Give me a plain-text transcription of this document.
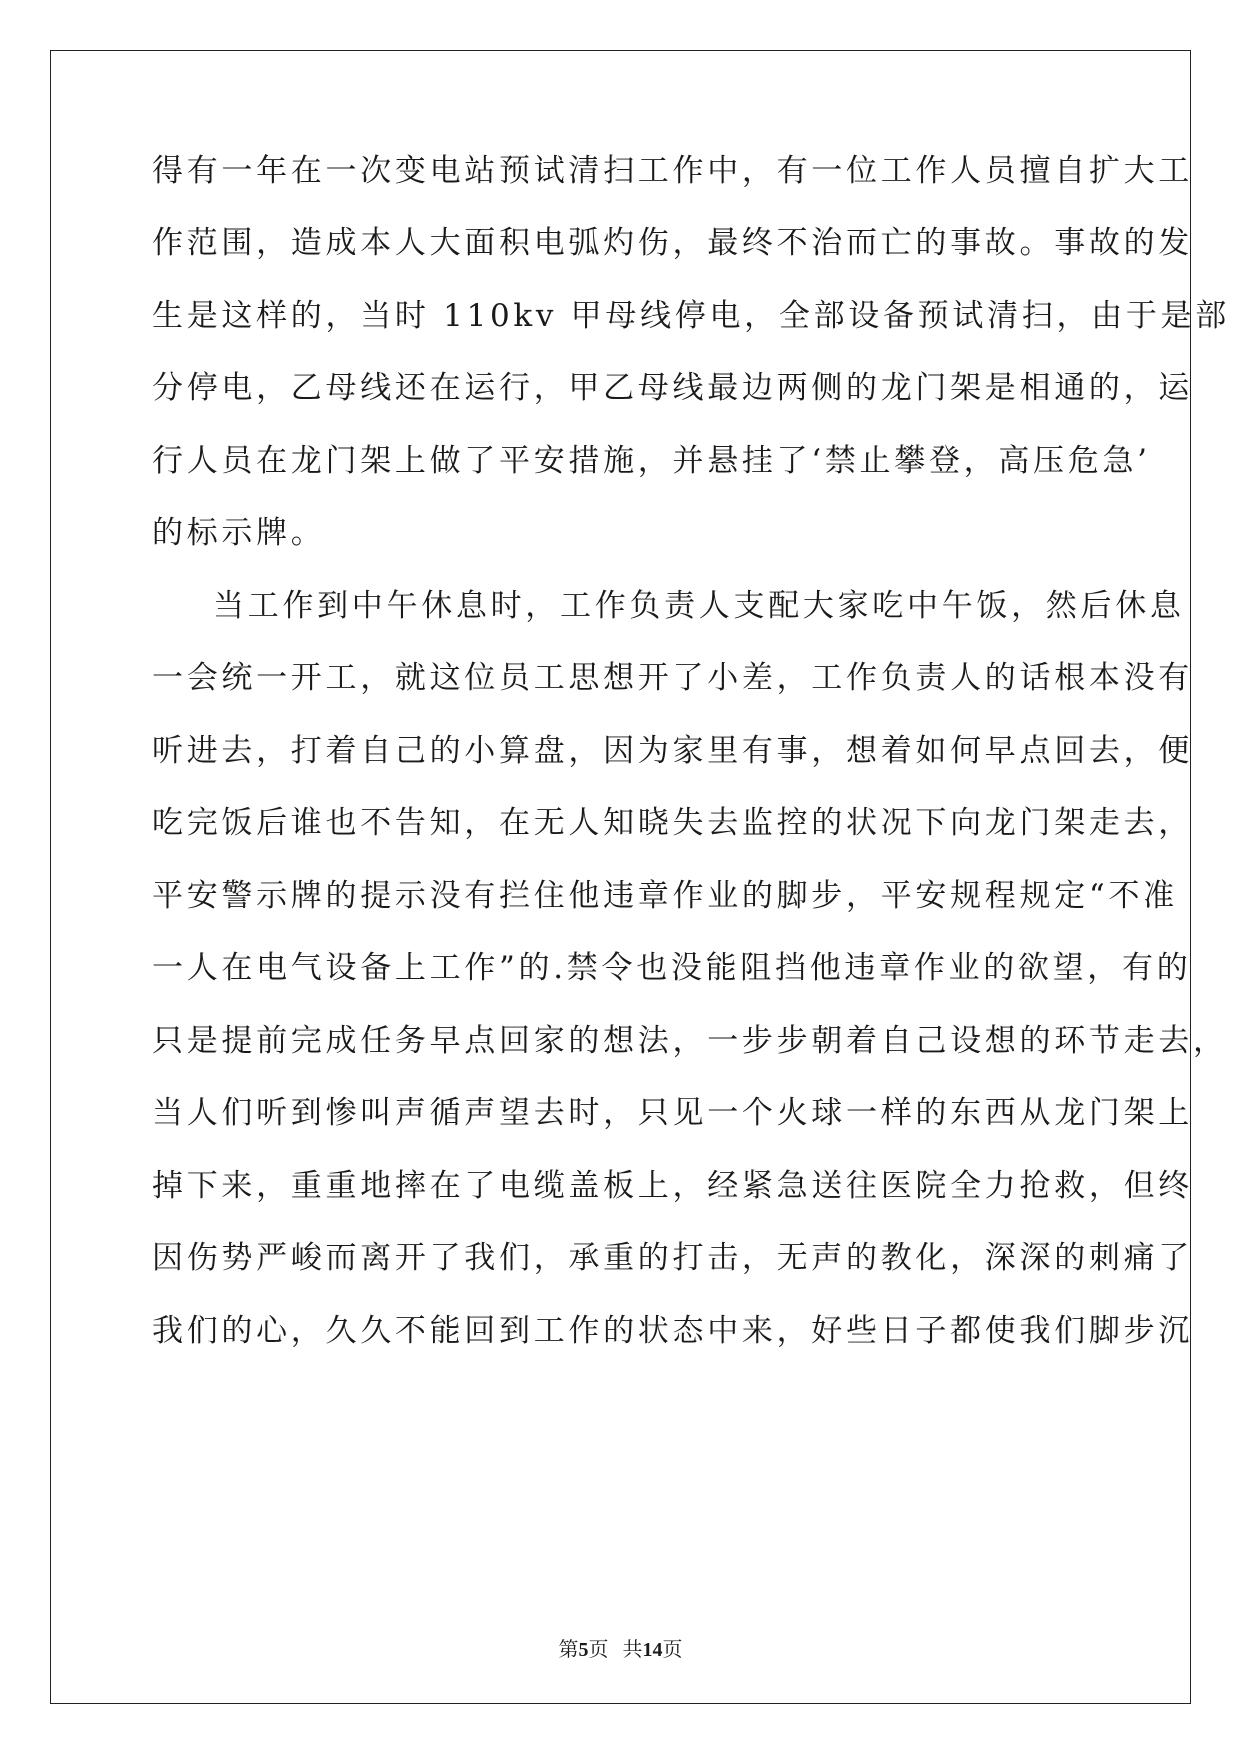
得有一年在一次变电站预试清扫工作中，有一位工作人员擅自扩大工
作范围，造成本人大面积电弧灼伤，最终不治而亡的事故。事故的发
生是这样的，当时 110kv 甲母线停电，全部设备预试清扫，由于是部
分停电，乙母线还在运行，甲乙母线最边两侧的龙门架是相通的，运
行人员在龙门架上做了平安措施，并悬挂了‘禁止攀登，高压危急’
的标示牌。
当工作到中午休息时，工作负责人支配大家吃中午饭，然后休息
一会统一开工，就这位员工思想开了小差，工作负责人的话根本没有
听进去，打着自己的小算盘，因为家里有事，想着如何早点回去，便
吃完饭后谁也不告知，在无人知晓失去监控的状况下向龙门架走去，
平安警示牌的提示没有拦住他违章作业的脚步，平安规程规定“不准
一人在电气设备上工作”的.禁令也没能阻挡他违章作业的欲望，有的
只是提前完成任务早点回家的想法，一步步朝着自己设想的环节走去，
当人们听到惨叫声循声望去时，只见一个火球一样的东西从龙门架上
掉下来，重重地摔在了电缆盖板上，经紧急送往医院全力抢救，但终
因伤势严峻而离开了我们，承重的打击，无声的教化，深深的刺痛了
我们的心，久久不能回到工作的状态中来，好些日子都使我们脚步沉
第5页 共14页
